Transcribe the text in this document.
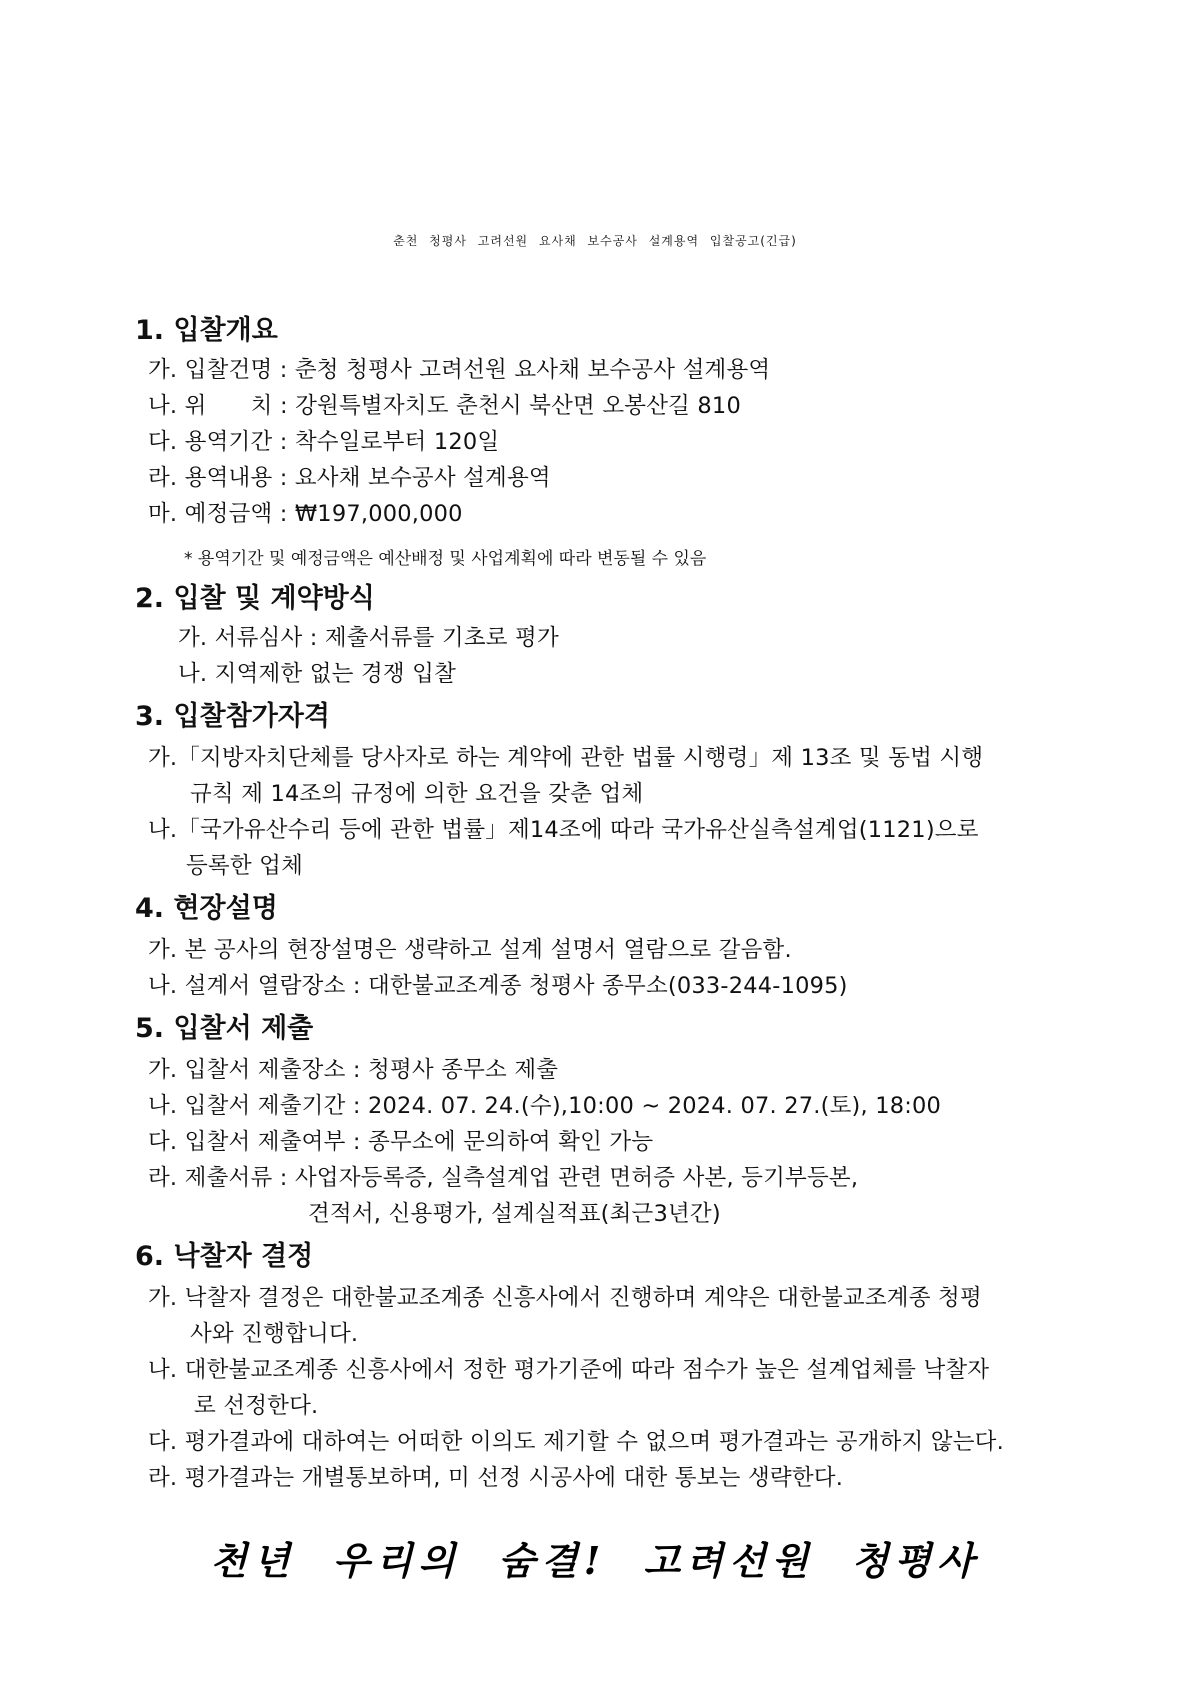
춘천 청평사 고려선원 요사채 보수공사 설계용역 입찰공고(긴급)
1. 입찰개요
가. 입찰건명 : 춘청 청평사 고려선원 요사채 보수공사 설계용역
나. 위      치 : 강원특별자치도 춘천시 북산면 오봉산길 810
다. 용역기간 : 착수일로부터 120일
라. 용역내용 : 요사채 보수공사 설계용역
마. 예정금액 : ₩197,000,000
* 용역기간 및 예정금액은 예산배정 및 사업계획에 따라 변동될 수 있음
2. 입찰 및 계약방식
가. 서류심사 : 제출서류를 기초로 평가
나. 지역제한 없는 경쟁 입찰
3. 입찰참가자격
가.「지방자치단체를 당사자로 하는 계약에 관한 법률 시행령」제 13조 및 동법 시행
규칙 제 14조의 규정에 의한 요건을 갖춘 업체
나.「국가유산수리 등에 관한 법률」제14조에 따라 국가유산실측설계업(1121)으로
등록한 업체
4. 현장설명
가. 본 공사의 현장설명은 생략하고 설계 설명서 열람으로 갈음함.
나. 설계서 열람장소 : 대한불교조계종 청평사 종무소(033-244-1095)
5. 입찰서 제출
가. 입찰서 제출장소 : 청평사 종무소 제출
나. 입찰서 제출기간 : 2024. 07. 24.(수),10:00 ~ 2024. 07. 27.(토), 18:00
다. 입찰서 제출여부 : 종무소에 문의하여 확인 가능
라. 제출서류 : 사업자등록증, 실측설계업 관련 면허증 사본, 등기부등본,
견적서, 신용평가, 설계실적표(최근3년간)
6. 낙찰자 결정
가. 낙찰자 결정은 대한불교조계종 신흥사에서 진행하며 계약은 대한불교조계종 청평
사와 진행합니다.
나. 대한불교조계종 신흥사에서 정한 평가기준에 따라 점수가 높은 설계업체를 낙찰자
로 선정한다.
다. 평가결과에 대하여는 어떠한 이의도 제기할 수 없으며 평가결과는 공개하지 않는다.
라. 평가결과는 개별통보하며, 미 선정 시공사에 대한 통보는 생략한다.
천년 우리의 숨결! 고려선원 청평사
